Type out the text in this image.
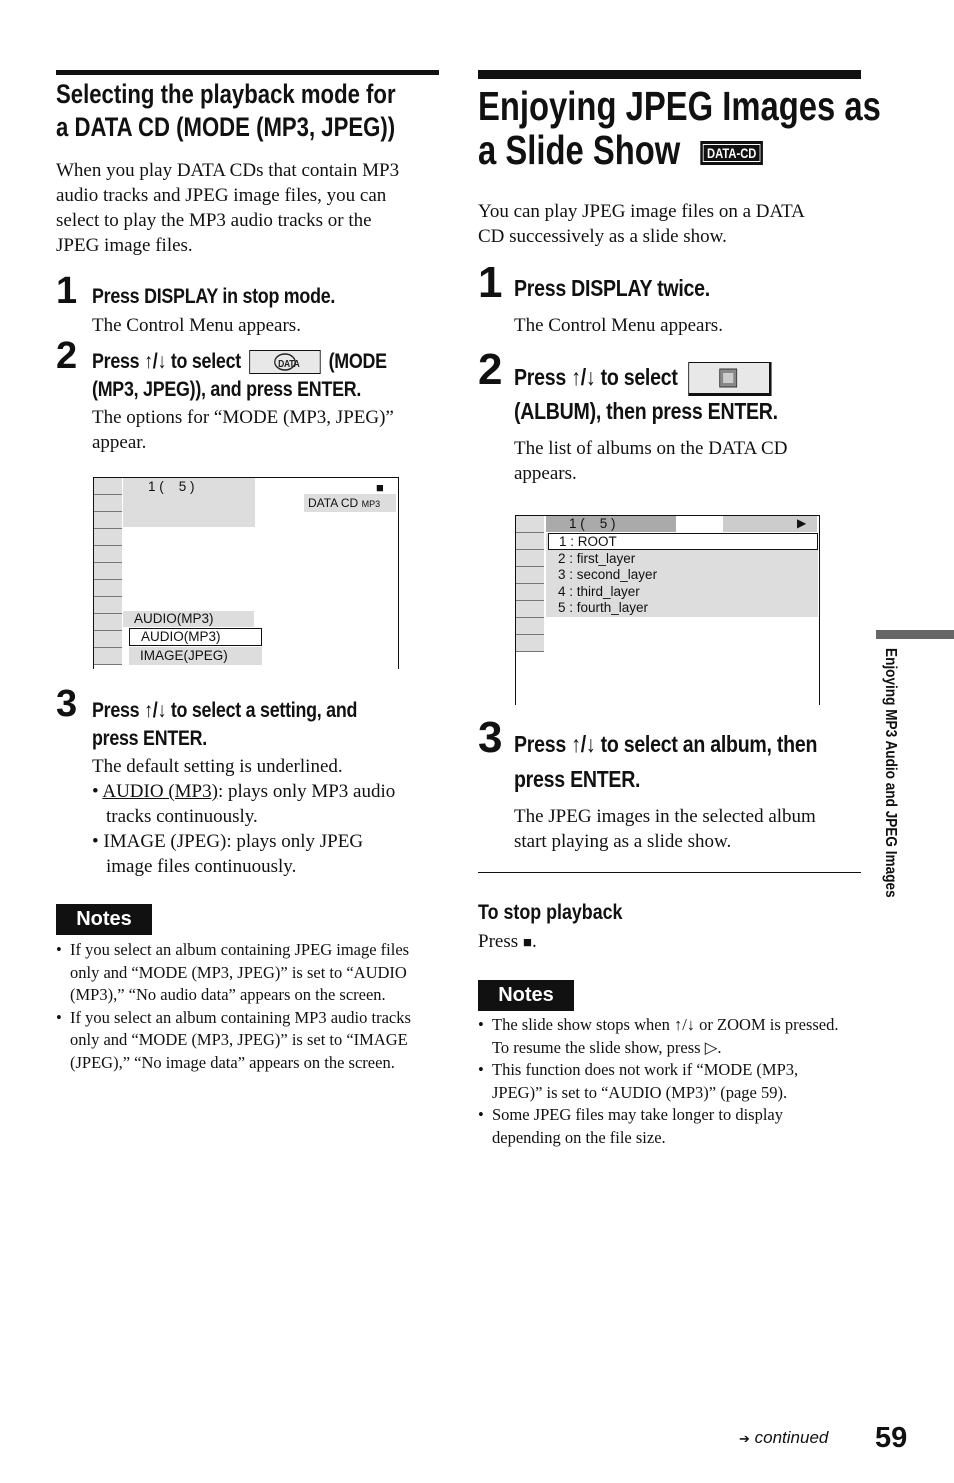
Selecting the playback mode for
a DATA CD (MODE (MP3, JPEG))
When you play DATA CDs that contain MP3
audio tracks and JPEG image files, you can
select to play the MP3 audio tracks or the
JPEG image files.
1 Press DISPLAY in stop mode.
The Control Menu appears.
2 Press ↑/↓ to select	DATA (MODE
(MP3, JPEG)), and press ENTER.
The options for “MODE (MP3, JPEG)”
appear.
1 (    5 )	■
DATA CD MP3
AUDIO(MP3)
AUDIO(MP3)
IMAGE(JPEG)
3 Press ↑/↓ to select a setting, and
press ENTER.
The default setting is underlined.
• AUDIO (MP3): plays only MP3 audio
tracks continuously.
• IMAGE (JPEG): plays only JPEG
image files continuously.
Notes
• If you select an album containing JPEG image files only and “MODE (MP3, JPEG)” is set to “AUDIO (MP3),” “No audio data” appears on the screen.
• If you select an album containing MP3 audio tracks only and “MODE (MP3, JPEG)” is set to “IMAGE (JPEG),” “No image data” appears on the screen.
Enjoying JPEG Images as
a Slide Show DATA-CD
You can play JPEG image files on a DATA
CD successively as a slide show.
1 Press DISPLAY twice.
The Control Menu appears.
2 Press ↑/↓ to select
(ALBUM), then press ENTER.
The list of albums on the DATA CD
appears.
1 (    5 )	▶
1 : ROOT
2 : first_layer
3 : second_layer
4 : third_layer
5 : fourth_layer
3 Press ↑/↓ to select an album, then
press ENTER.
The JPEG images in the selected album
start playing as a slide show.
To stop playback
Press ■.
Notes
• The slide show stops when ↑/↓ or ZOOM is pressed. To resume the slide show, press ▷.
• This function does not work if “MODE (MP3, JPEG)” is set to “AUDIO (MP3)” (page 59).
• Some JPEG files may take longer to display depending on the file size.
Enjoying MP3 Audio and JPEG Images
➔ continued 59
